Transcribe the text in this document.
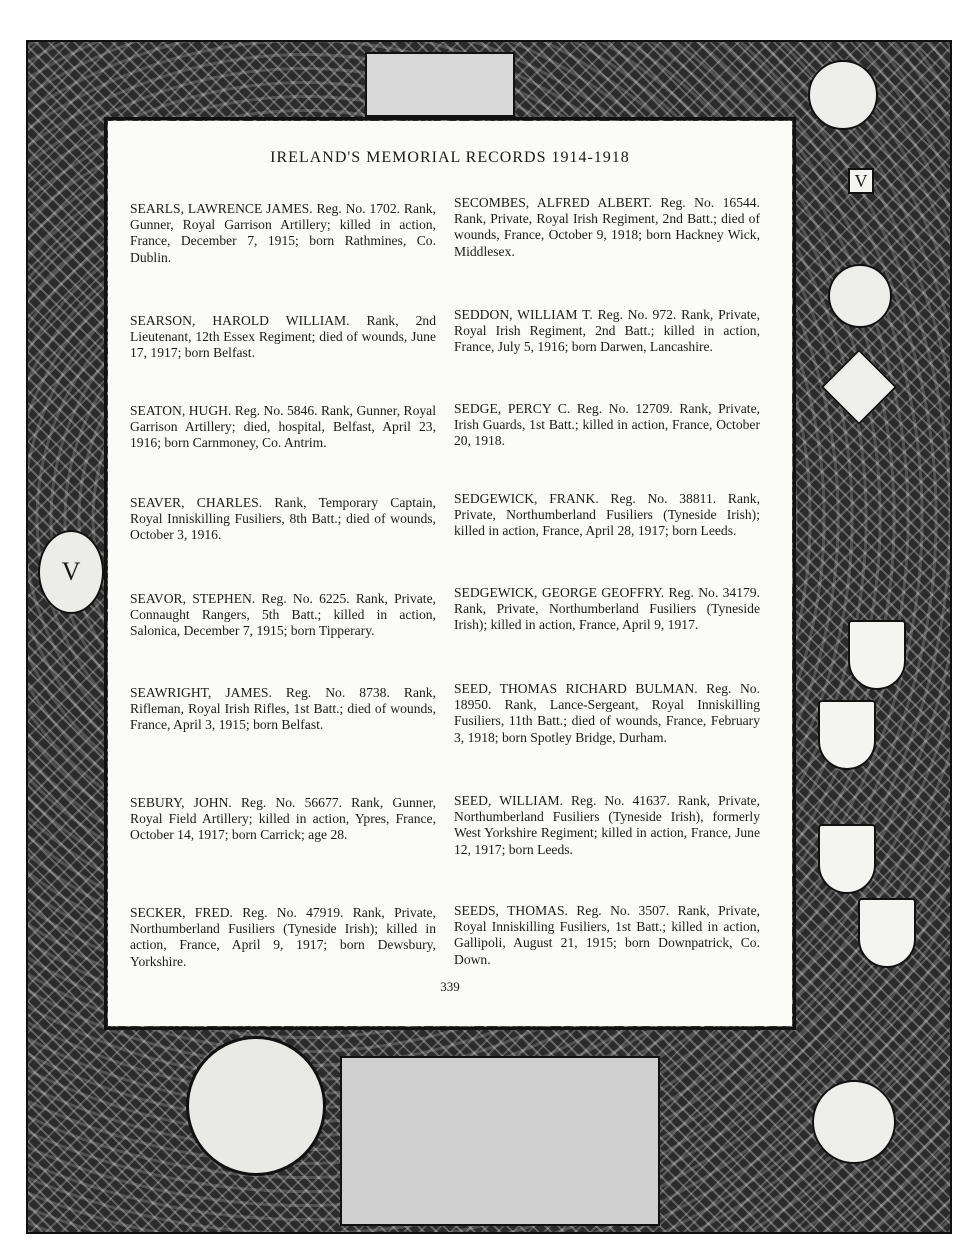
V
V
IRELAND'S MEMORIAL RECORDS 1914-1918
SEARLS, LAWRENCE JAMES. Reg. No. 1702. Rank, Gunner, Royal Garrison Artillery; killed in action, France, December 7, 1915; born Rathmines, Co. Dublin.
SEARSON, HAROLD WILLIAM. Rank, 2nd Lieutenant, 12th Essex Regiment; died of wounds, June 17, 1917; born Belfast.
SEATON, HUGH. Reg. No. 5846. Rank, Gunner, Royal Garrison Artillery; died, hospital, Belfast, April 23, 1916; born Carnmoney, Co. Antrim.
SEAVER, CHARLES. Rank, Temporary Captain, Royal Inniskilling Fusiliers, 8th Batt.; died of wounds, October 3, 1916.
SEAVOR, STEPHEN. Reg. No. 6225. Rank, Private, Connaught Rangers, 5th Batt.; killed in action, Salonica, December 7, 1915; born Tipperary.
SEAWRIGHT, JAMES. Reg. No. 8738. Rank, Rifleman, Royal Irish Rifles, 1st Batt.; died of wounds, France, April 3, 1915; born Belfast.
SEBURY, JOHN. Reg. No. 56677. Rank, Gunner, Royal Field Artillery; killed in action, Ypres, France, October 14, 1917; born Carrick; age 28.
SECKER, FRED. Reg. No. 47919. Rank, Private, Northumberland Fusiliers (Tyneside Irish); killed in action, France, April 9, 1917; born Dewsbury, Yorkshire.
SECOMBES, ALFRED ALBERT. Reg. No. 16544. Rank, Private, Royal Irish Regiment, 2nd Batt.; died of wounds, France, October 9, 1918; born Hackney Wick, Middlesex.
SEDDON, WILLIAM T. Reg. No. 972. Rank, Private, Royal Irish Regiment, 2nd Batt.; killed in action, France, July 5, 1916; born Darwen, Lancashire.
SEDGE, PERCY C. Reg. No. 12709. Rank, Private, Irish Guards, 1st Batt.; killed in action, France, October 20, 1918.
SEDGEWICK, FRANK. Reg. No. 38811. Rank, Private, Northumberland Fusiliers (Tyneside Irish); killed in action, France, April 28, 1917; born Leeds.
SEDGEWICK, GEORGE GEOFFRY. Reg. No. 34179. Rank, Private, Northumberland Fusiliers (Tyneside Irish); killed in action, France, April 9, 1917.
SEED, THOMAS RICHARD BULMAN. Reg. No. 18950. Rank, Lance-Sergeant, Royal Inniskilling Fusiliers, 11th Batt.; died of wounds, France, February 3, 1918; born Spotley Bridge, Durham.
SEED, WILLIAM. Reg. No. 41637. Rank, Private, Northumberland Fusiliers (Tyneside Irish), formerly West Yorkshire Regiment; killed in action, France, June 12, 1917; born Leeds.
SEEDS, THOMAS. Reg. No. 3507. Rank, Private, Royal Inniskilling Fusiliers, 1st Batt.; killed in action, Gallipoli, August 21, 1915; born Downpatrick, Co. Down.
339
